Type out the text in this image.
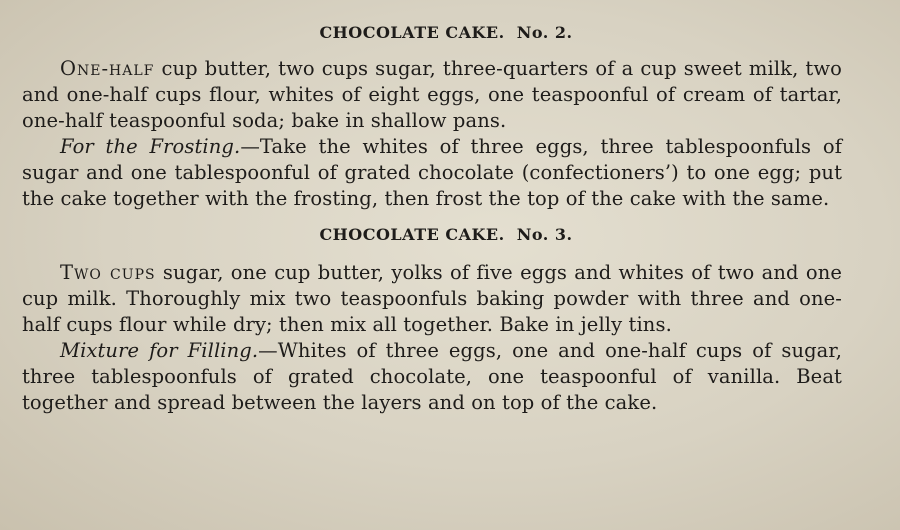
CHOCOLATE CAKE. No. 2.

One-half cup butter, two cups sugar, three-quarters of a cup sweet milk, two and one-half cups flour, whites of eight eggs, one teaspoonful of cream of tartar, one-half teaspoonful soda; bake in shallow pans.

For the Frosting.—Take the whites of three eggs, three tablespoonfuls of sugar and one tablespoonful of grated chocolate (confectioners’) to one egg; put the cake together with the frosting, then frost the top of the cake with the same.

CHOCOLATE CAKE. No. 3.

Two cups sugar, one cup butter, yolks of five eggs and whites of two and one cup milk. Thoroughly mix two teaspoonfuls baking powder with three and one-half cups flour while dry; then mix all together. Bake in jelly tins.

Mixture for Filling.—Whites of three eggs, one and one-half cups of sugar, three tablespoonfuls of grated chocolate, one teaspoonful of vanilla. Beat together and spread between the layers and on top of the cake.
